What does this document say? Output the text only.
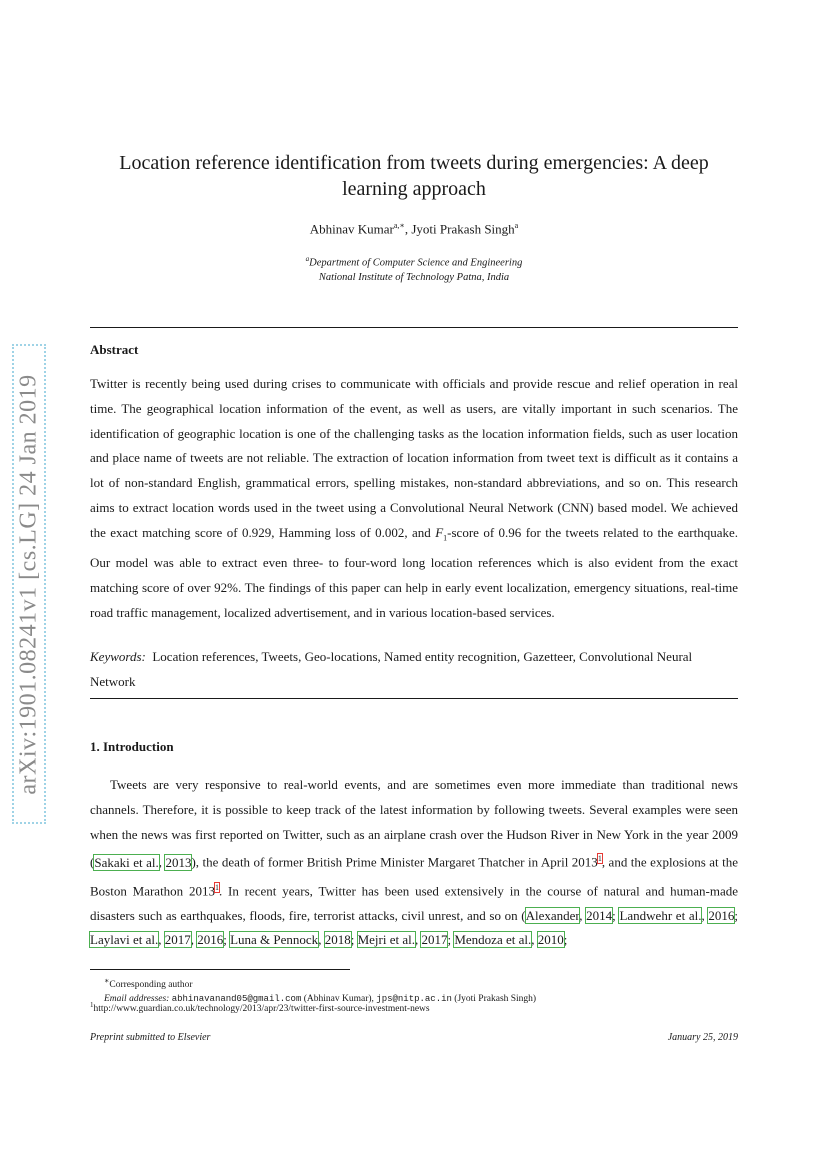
arXiv:1901.08241v1 [cs.LG] 24 Jan 2019
Location reference identification from tweets during emergencies: A deep
learning approach
Abhinav Kumar$^{a,∗}$, Jyoti Prakash Singh$^a$
$^a$Department of Computer Science and Engineering
National Institute of Technology Patna, India
Abstract

Twitter is recently being used during crises to communicate with officials and provide rescue and relief operation in real time. The geographical location information of the event, as well as users, are vitally important in such scenarios. The identification of geographic location is one of the challenging tasks as the location information fields, such as user location and place name of tweets are not reliable. The extraction of location information from tweet text is difficult as it contains a lot of non-standard English, grammatical errors, spelling mistakes, non-standard abbreviations, and so on. This research aims to extract location words used in the tweet using a Convolutional Neural Network (CNN) based model. We achieved the exact matching score of 0.929, Hamming loss of 0.002, and $F_1$-score of 0.96 for the tweets related to the earthquake. Our model was able to extract even three- to four-word long location references which is also evident from the exact matching score of over 92%. The findings of this paper can help in early event localization, emergency situations, real-time road traffic management, localized advertisement, and in various location-based services.

Keywords: Location references, Tweets, Geo-locations, Named entity recognition, Gazetteer, Convolutional Neural Network
1. Introduction
Tweets are very responsive to real-world events, and are sometimes even more immediate than traditional news channels. Therefore, it is possible to keep track of the latest information by following tweets. Several examples were seen when the news was first reported on Twitter, such as an airplane crash over the Hudson River in New York in the year 2009 (Sakaki et al., 2013), the death of former British Prime Minister Margaret Thatcher in April 2013$^1$, and the explosions at the Boston Marathon 2013$^1$. In recent years, Twitter has been used extensively in the course of natural and human-made disasters such as earthquakes, floods, fire, terrorist attacks, civil unrest, and so on (Alexander, 2014; Landwehr et al., 2016; Laylavi et al., 2017, 2016; Luna & Pennock, 2018; Mejri et al., 2017; Mendoza et al., 2010;
∗Corresponding author
Email addresses: abhinavanand05@gmail.com (Abhinav Kumar), jps@nitp.ac.in (Jyoti Prakash Singh)
$^1$http://www.guardian.co.uk/technology/2013/apr/23/twitter-first-source-investment-news
Preprint submitted to Elsevier	January 25, 2019
